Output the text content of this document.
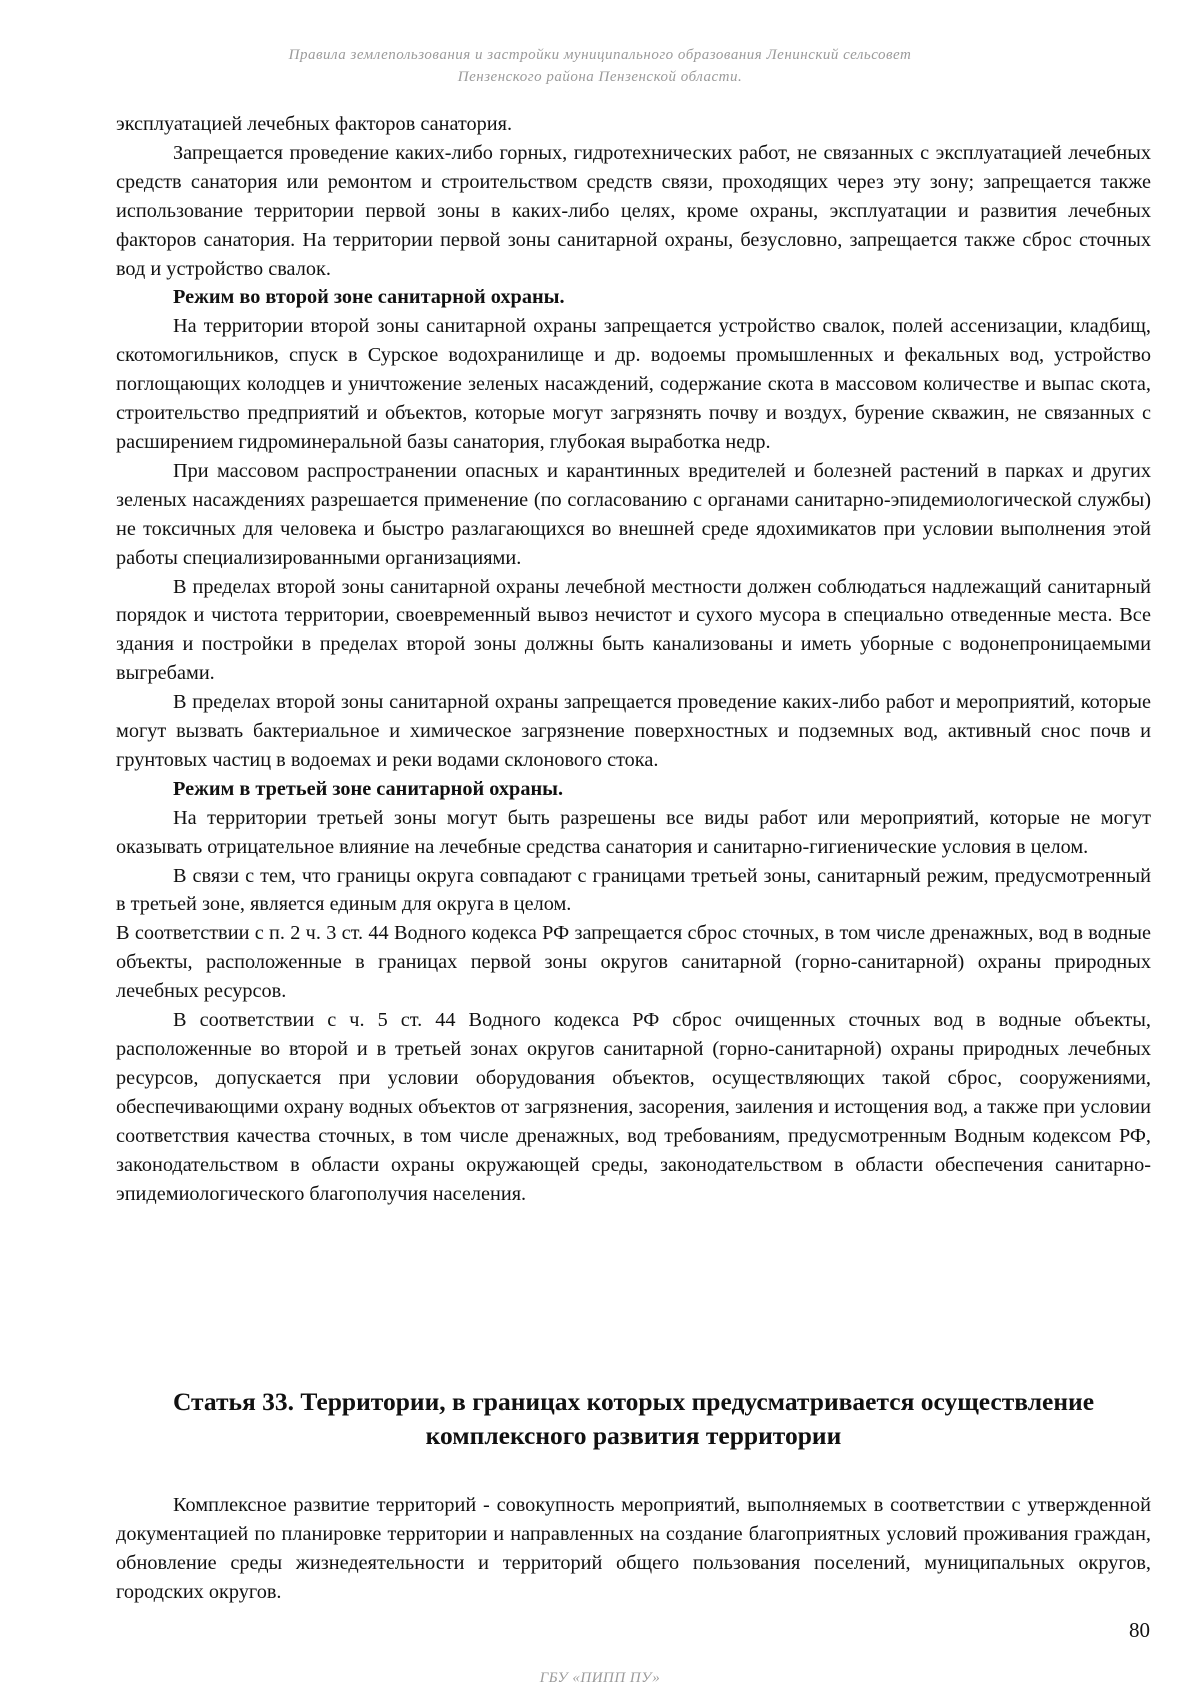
Правила землепользования и застройки муниципального образования Ленинский сельсовет
Пензенского района Пензенской области.

эксплуатацией лечебных факторов санатория.

Запрещается проведение каких-либо горных, гидротехнических работ, не связанных с эксплуатацией лечебных средств санатория или ремонтом и строительством средств связи, проходящих через эту зону; запрещается также использование территории первой зоны в каких-либо целях, кроме охраны, эксплуатации и развития лечебных факторов санатория. На территории первой зоны санитарной охраны, безусловно, запрещается также сброс сточных вод и устройство свалок.

Режим во второй зоне санитарной охраны.

На территории второй зоны санитарной охраны запрещается устройство свалок, полей ассенизации, кладбищ, скотомогильников, спуск в Сурское водохранилище и др. водоемы промышленных и фекальных вод, устройство поглощающих колодцев и уничтожение зеленых насаждений, содержание скота в массовом количестве и выпас скота, строительство предприятий и объектов, которые могут загрязнять почву и воздух, бурение скважин, не связанных с расширением гидроминеральной базы санатория, глубокая выработка недр.

При массовом распространении опасных и карантинных вредителей и болезней растений в парках и других зеленых насаждениях разрешается применение (по согласованию с органами санитарно-эпидемиологической службы) не токсичных для человека и быстро разлагающихся во внешней среде ядохимикатов при условии выполнения этой работы специализированными организациями.

В пределах второй зоны санитарной охраны лечебной местности должен соблюдаться надлежащий санитарный порядок и чистота территории, своевременный вывоз нечистот и сухого мусора в специально отведенные места. Все здания и постройки в пределах второй зоны должны быть канализованы и иметь уборные с водонепроницаемыми выгребами.

В пределах второй зоны санитарной охраны запрещается проведение каких-либо работ и мероприятий, которые могут вызвать бактериальное и химическое загрязнение поверхностных и подземных вод, активный снос почв и грунтовых частиц в водоемах и реки водами склонового стока.

Режим в третьей зоне санитарной охраны.

На территории третьей зоны могут быть разрешены все виды работ или мероприятий, которые не могут оказывать отрицательное влияние на лечебные средства санатория и санитарно-гигиенические условия в целом.

В связи с тем, что границы округа совпадают с границами третьей зоны, санитарный режим, предусмотренный в третьей зоне, является единым для округа в целом.

В соответствии с п. 2 ч. 3 ст. 44 Водного кодекса РФ запрещается сброс сточных, в том числе дренажных, вод в водные объекты, расположенные в границах первой зоны округов санитарной (горно-санитарной) охраны природных лечебных ресурсов.

В соответствии с ч. 5 ст. 44 Водного кодекса РФ сброс очищенных сточных вод в водные объекты, расположенные во второй и в третьей зонах округов санитарной (горно-санитарной) охраны природных лечебных ресурсов, допускается при условии оборудования объектов, осуществляющих такой сброс, сооружениями, обеспечивающими охрану водных объектов от загрязнения, засорения, заиления и истощения вод, а также при условии соответствия качества сточных, в том числе дренажных, вод требованиям, предусмотренным Водным кодексом РФ, законодательством в области охраны окружающей среды, законодательством в области обеспечения санитарно-эпидемиологического благополучия населения.

Статья 33. Территории, в границах которых предусматривается осуществление
комплексного развития территории

Комплексное развитие территорий - совокупность мероприятий, выполняемых в соответствии с утвержденной документацией по планировке территории и направленных на создание благоприятных условий проживания граждан, обновление среды жизнедеятельности и территорий общего пользования поселений, муниципальных округов, городских округов.

80
ГБУ «ПИПП ПУ»
